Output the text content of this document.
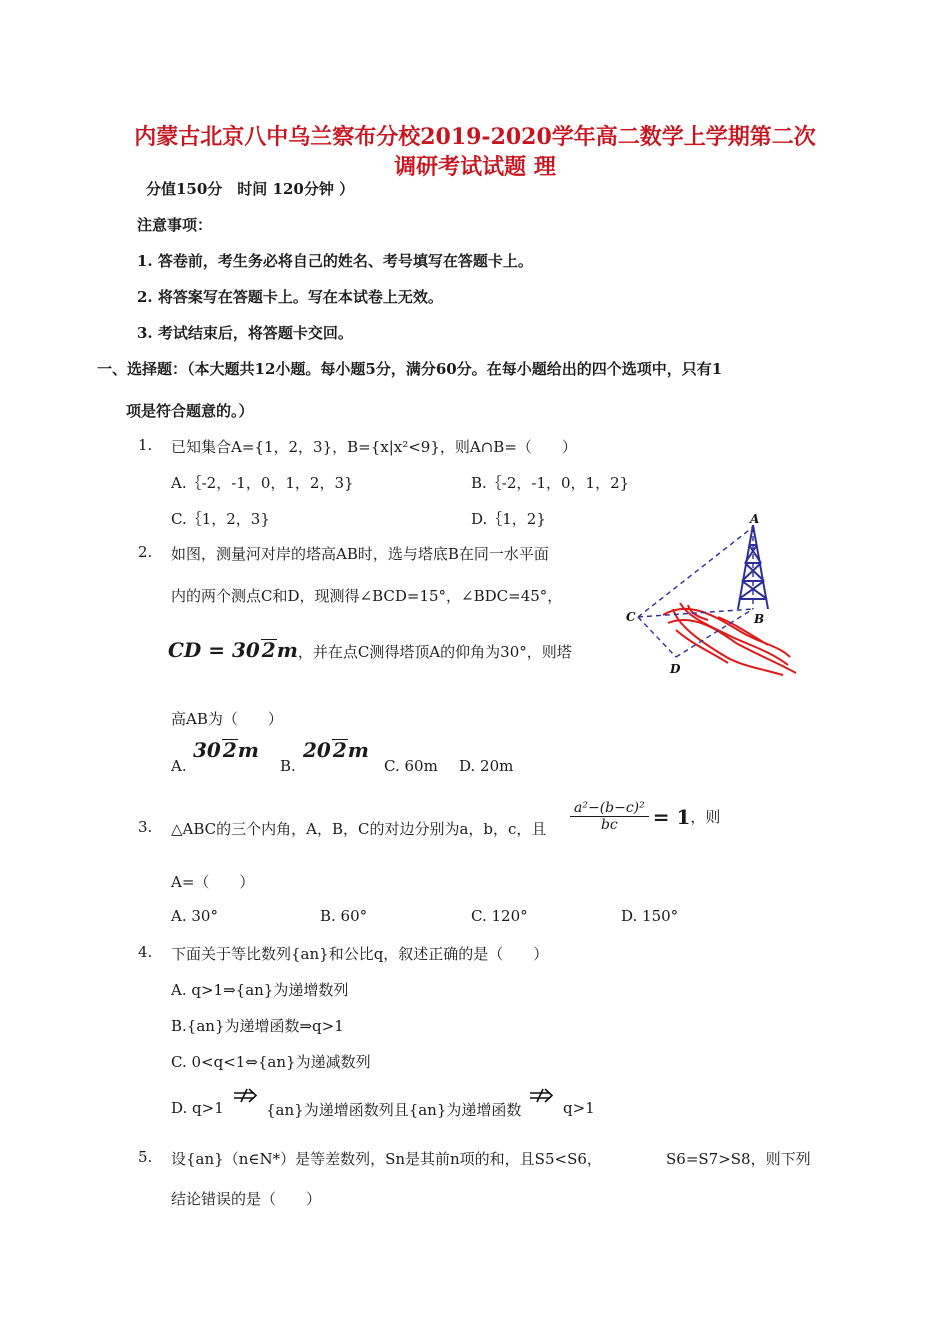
内蒙古北京八中乌兰察布分校2019-2020学年高二数学上学期第二次
调研考试试题 理
分值150分　时间 120分钟 ）
注意事项：
1. 答卷前，考生务必将自己的姓名、考号填写在答题卡上。
2. 将答案写在答题卡上。写在本试卷上无效。
3. 考试结束后，将答题卡交回。
一、选择题：（本大题共12小题。每小题5分，满分60分。在每小题给出的四个选项中，只有1
项是符合题意的。）
1. 已知集合A={1，2，3}，B={x|x²<9}，则A∩B=（　　）
A.｛-2，-1，0，1，2，3}	B.｛-2，-1，0，1，2}
C.｛1，2，3}	D.｛1，2}
2. 如图，测量河对岸的塔高AB时，选与塔底B在同一水平面
内的两个测点C和D，现测得∠BCD=15°，∠BDC=45°，
CD = 30 2 m ，并在点C测得塔顶A的仰角为30°，则塔
高AB为（　　）
A.
30 2 m
B.
20 2 m
C. 60m D. 20m
A
B
C
D
3. △ABC的三个内角，A，B，C的对边分别为a，b，c，且 $\frac{\text{a²−(b−c)²}}{bc} = 1$ ，则
A=（　　）
A. 30°	B. 60°	C. 120°	D. 150°
4. 下面关于等比数列{an}和公比q，叙述正确的是（　　）
A. q>1⇒{an}为递增数列
B.{an}为递增函数⇒q>1
C. 0<q<1⇔{an}为递减数列
D. q>1	{an}为递增函数列且{an}为递增函数	q>1
5. 设{an}（n∈N*）是等差数列，Sn是其前n项的和，且S5<S6，	S6=S7>S8，则下列
结论错误的是（　　）
